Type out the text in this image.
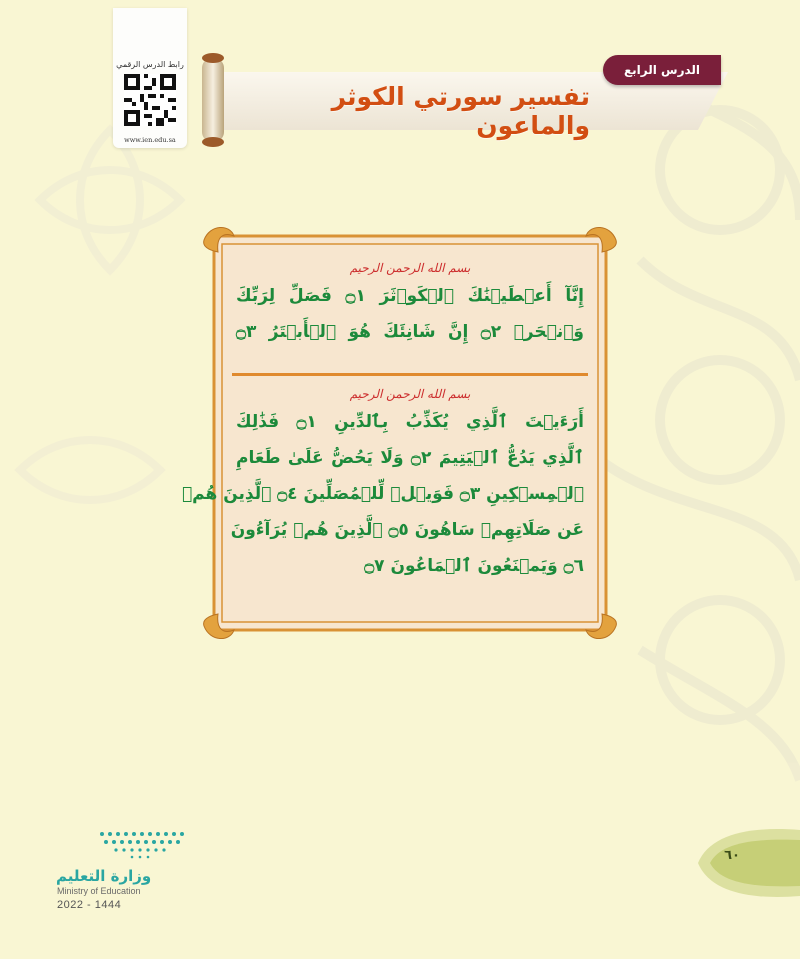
رابط الدرس الرقمي
www.ien.edu.sa
الدرس الرابع
تفسير سورتي الكوثر والماعون
بسم الله الرحمن الرحيم
إِنَّآ أَعۡطَيۡنَٰكَ ٱلۡكَوۡثَرَ ۝١ فَصَلِّ لِرَبِّكَ
وَٱنۡحَرۡ ۝٢ إِنَّ شَانِئَكَ هُوَ ٱلۡأَبۡتَرُ ۝٣
بسم الله الرحمن الرحيم
أَرَءَيۡتَ ٱلَّذِي يُكَذِّبُ بِٱلدِّينِ ۝١ فَذَٰلِكَ
ٱلَّذِي يَدُعُّ ٱلۡيَتِيمَ ۝٢ وَلَا يَحُضُّ عَلَىٰ طَعَامِ
ٱلۡمِسۡكِينِ ۝٣ فَوَيۡلٞ لِّلۡمُصَلِّينَ ۝٤ ٱلَّذِينَ هُمۡ
عَن صَلَاتِهِمۡ سَاهُونَ ۝٥ ٱلَّذِينَ هُمۡ يُرَآءُونَ
۝٦ وَيَمۡنَعُونَ ٱلۡمَاعُونَ ۝٧
وزارة التعليم
Ministry of Education
2022 - 1444
٦٠
